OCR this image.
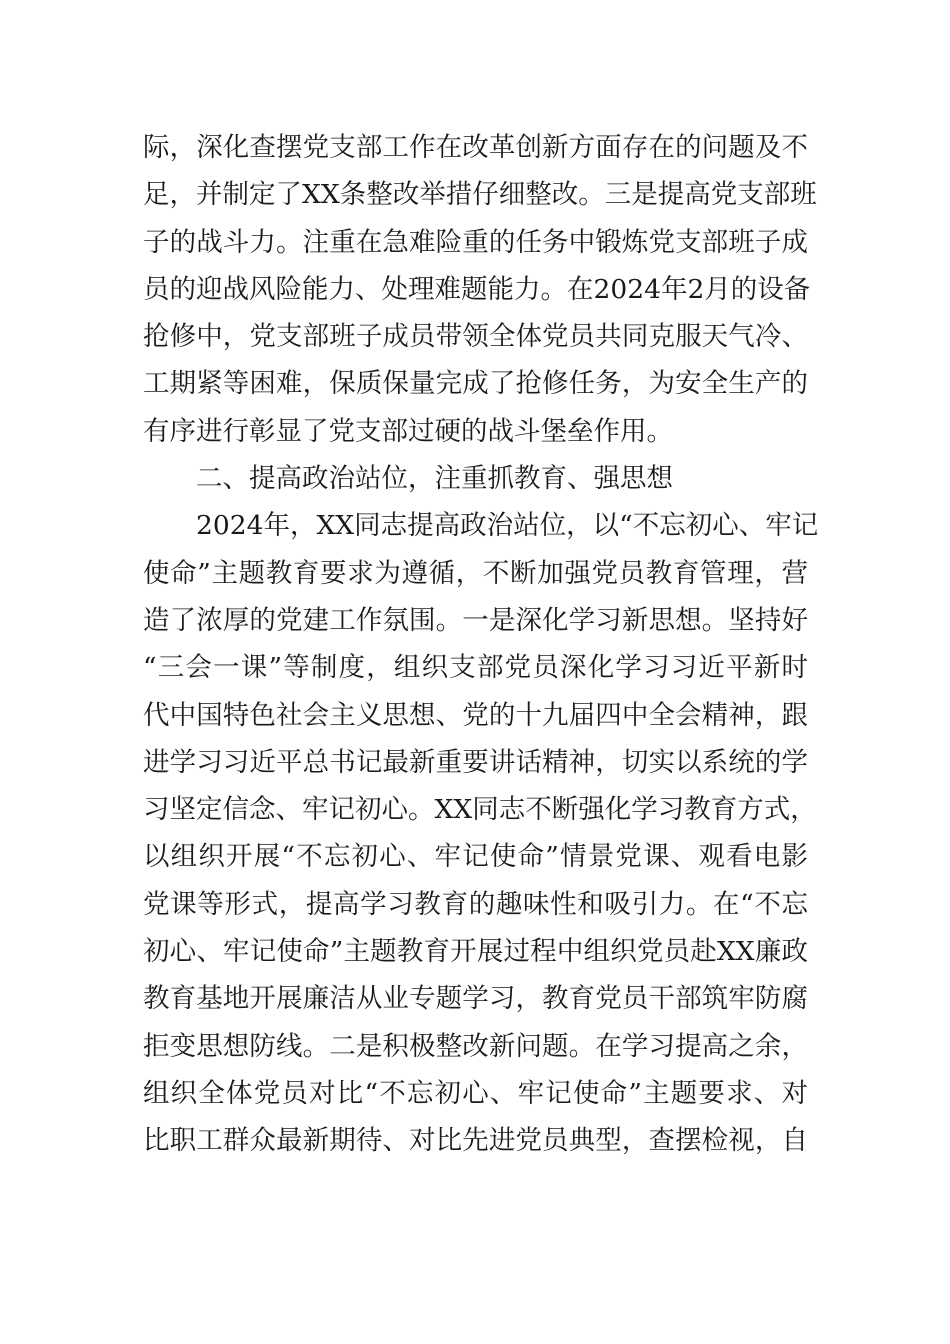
际，深化查摆党支部工作在改革创新方面存在的问题及不
足，并制定了XX条整改举措仔细整改。三是提高党支部班
子的战斗力。注重在急难险重的任务中锻炼党支部班子成
员的迎战风险能力、处理难题能力。在2024年2月的设备
抢修中，党支部班子成员带领全体党员共同克服天气冷、
工期紧等困难，保质保量完成了抢修任务，为安全生产的
有序进行彰显了党支部过硬的战斗堡垒作用。
二、提高政治站位，注重抓教育、强思想
2024年，XX同志提高政治站位，以“不忘初心、牢记
使命”主题教育要求为遵循，不断加强党员教育管理，营
造了浓厚的党建工作氛围。一是深化学习新思想。坚持好
“三会一课”等制度，组织支部党员深化学习习近平新时
代中国特色社会主义思想、党的十九届四中全会精神，跟
进学习习近平总书记最新重要讲话精神，切实以系统的学
习坚定信念、牢记初心。XX同志不断强化学习教育方式，
以组织开展“不忘初心、牢记使命”情景党课、观看电影
党课等形式，提高学习教育的趣味性和吸引力。在“不忘
初心、牢记使命”主题教育开展过程中组织党员赴XX廉政
教育基地开展廉洁从业专题学习，教育党员干部筑牢防腐
拒变思想防线。二是积极整改新问题。在学习提高之余，
组织全体党员对比“不忘初心、牢记使命”主题要求、对
比职工群众最新期待、对比先进党员典型，查摆检视，自
